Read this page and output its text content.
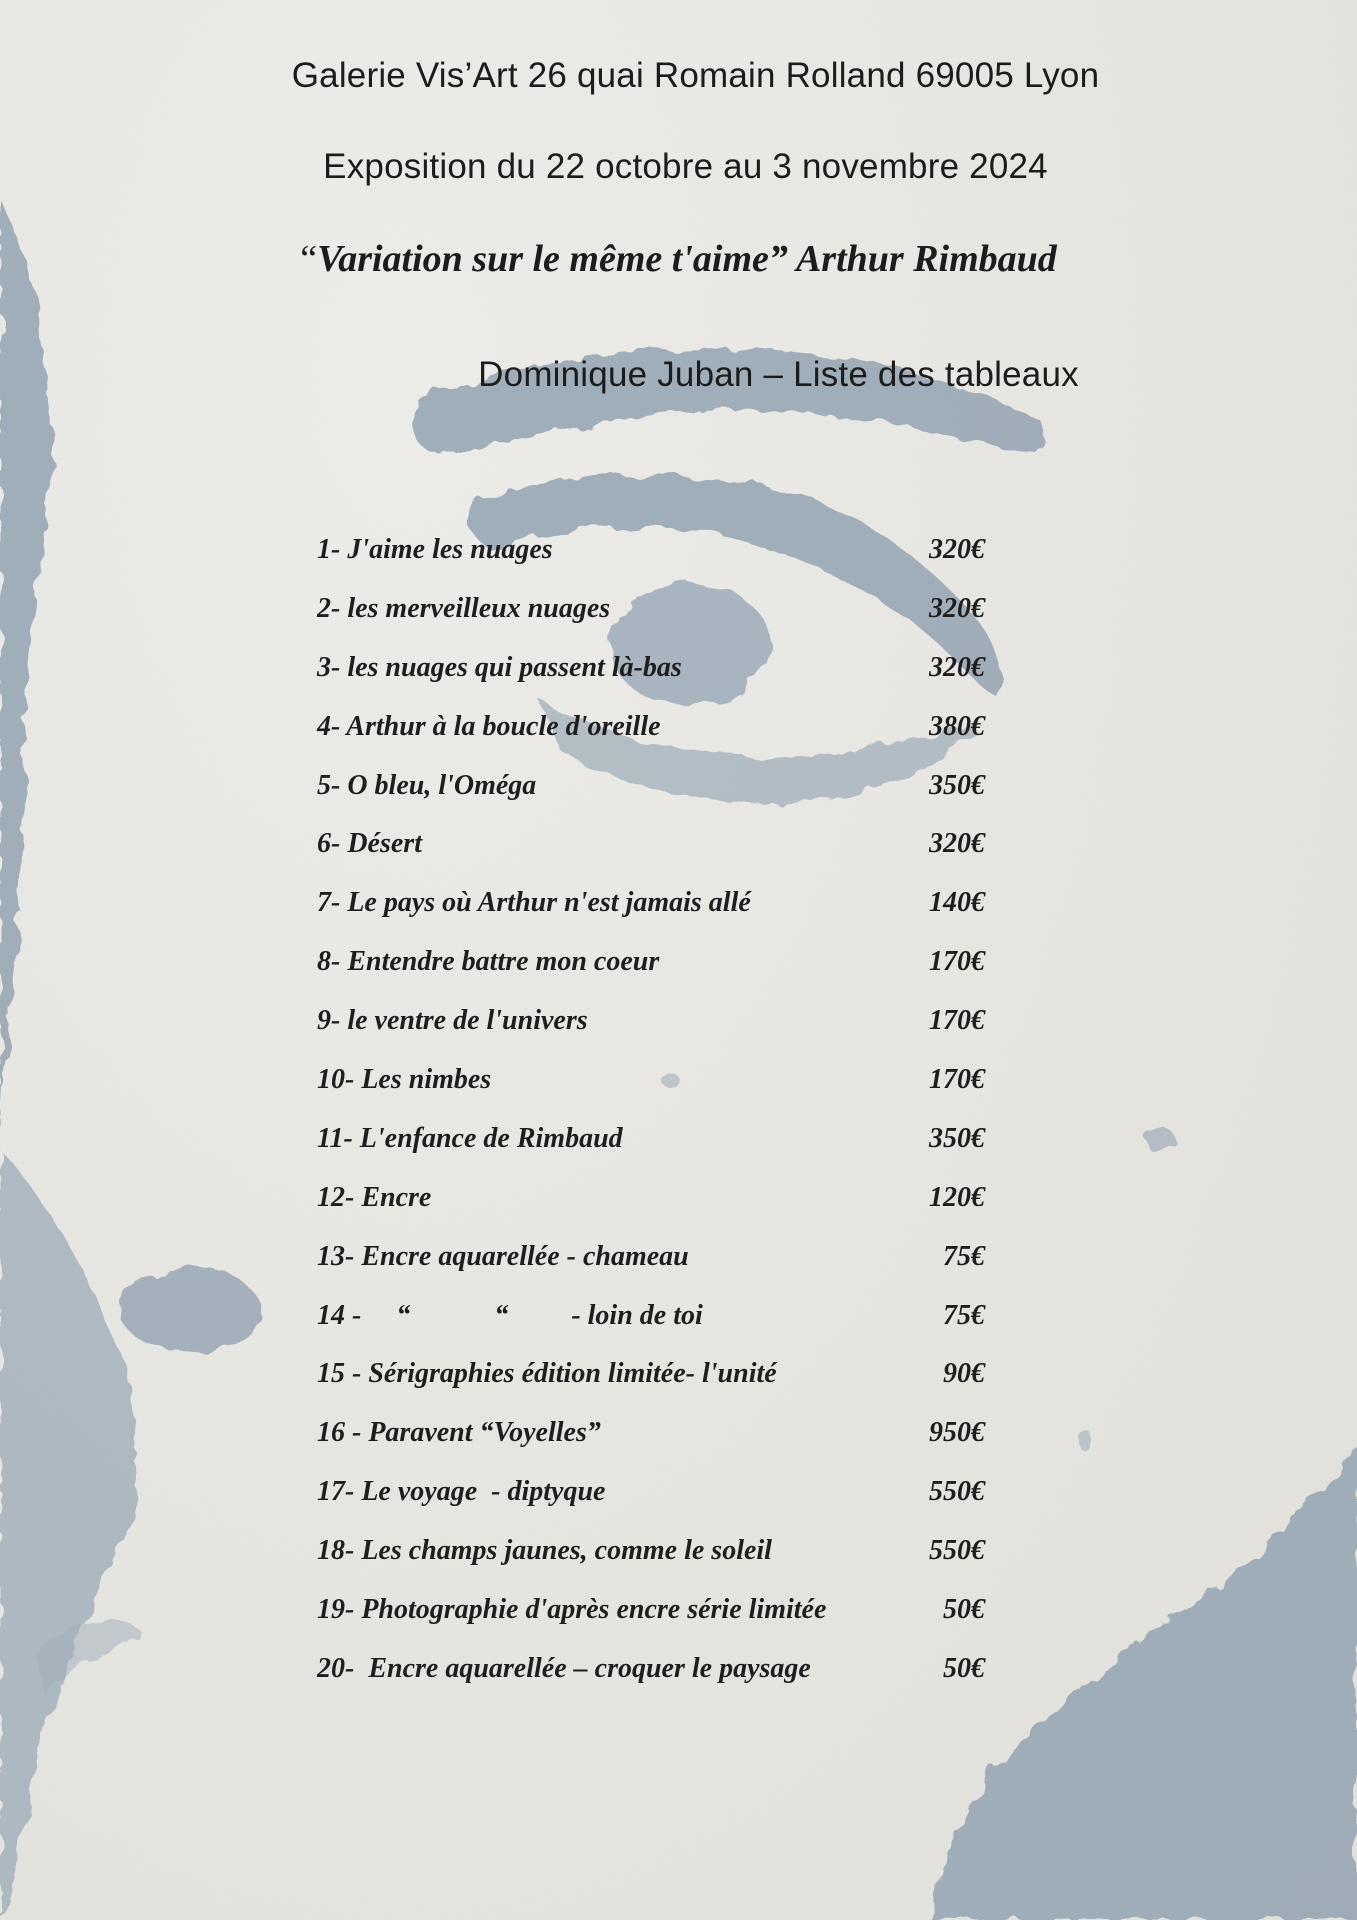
Galerie Vis’Art 26 quai Romain Rolland 69005 Lyon
Exposition du 22 octobre au 3 novembre 2024
“Variation sur le même t'aime” Arthur Rimbaud
Dominique Juban – Liste des tableaux
1- J'aime les nuages	320€
2- les merveilleux nuages	320€
3- les nuages qui passent là-bas	320€
4- Arthur à la boucle d'oreille	380€
5- O bleu, l'Oméga	350€
6- Désert	320€
7- Le pays où Arthur n'est jamais allé	140€
8- Entendre battre mon coeur	170€
9- le ventre de l'univers	170€
10- Les nimbes	170€
11- L'enfance de Rimbaud	350€
12- Encre	120€
13- Encre aquarellée - chameau	75€
14 -     “            “         - loin de toi	75€
15 - Sérigraphies édition limitée- l'unité	90€
16 - Paravent “Voyelles”	950€
17- Le voyage  - diptyque	550€
18- Les champs jaunes, comme le soleil	550€
19- Photographie d'après encre série limitée	50€
20-  Encre aquarellée – croquer le paysage	50€
